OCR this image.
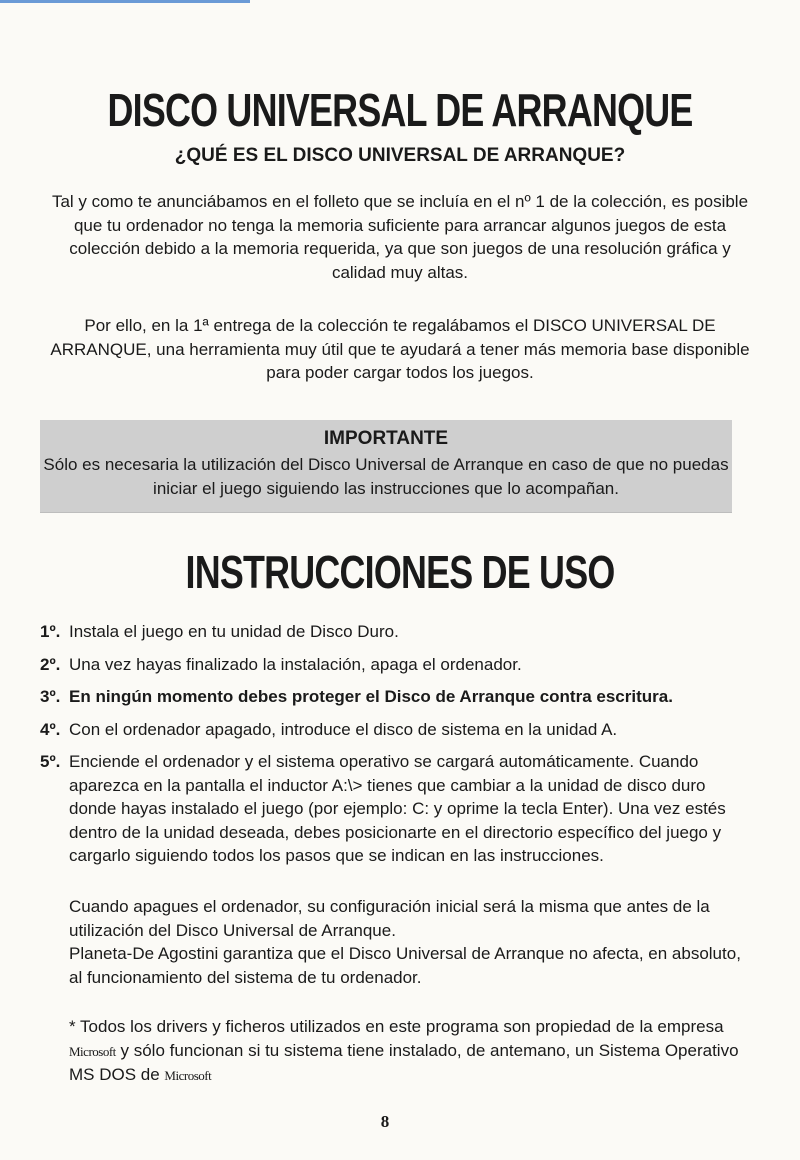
DISCO UNIVERSAL DE ARRANQUE
¿QUÉ ES EL DISCO UNIVERSAL DE ARRANQUE?

Tal y como te anunciábamos en el folleto que se incluía en el nº 1 de la colección, es posible que tu ordenador no tenga la memoria suficiente para arrancar algunos juegos de esta colección debido a la memoria requerida, ya que son juegos de una resolución gráfica y calidad muy altas.

Por ello, en la 1ª entrega de la colección te regalábamos el DISCO UNIVERSAL DE ARRANQUE, una herramienta muy útil que te ayudará a tener más memoria base disponible para poder cargar todos los juegos.

IMPORTANTE
Sólo es necesaria la utilización del Disco Universal de Arranque en caso de que no puedas iniciar el juego siguiendo las instrucciones que lo acompañan.
INSTRUCCIONES DE USO
1º. Instala el juego en tu unidad de Disco Duro.
2º. Una vez hayas finalizado la instalación, apaga el ordenador.
3º. En ningún momento debes proteger el Disco de Arranque contra escritura.
4º. Con el ordenador apagado, introduce el disco de sistema en la unidad A.
5º. Enciende el ordenador y el sistema operativo se cargará automáticamente. Cuando aparezca en la pantalla el inductor A:\> tienes que cambiar a la unidad de disco duro donde hayas instalado el juego (por ejemplo: C: y oprime la tecla Enter). Una vez estés dentro de la unidad deseada, debes posicionarte en el directorio específico del juego y cargarlo siguiendo todos los pasos que se indican en las instrucciones.
Cuando apagues el ordenador, su configuración inicial será la misma que antes de la utilización del Disco Universal de Arranque.
Planeta-De Agostini garantiza que el Disco Universal de Arranque no afecta, en absoluto, al funcionamiento del sistema de tu ordenador.
* Todos los drivers y ficheros utilizados en este programa son propiedad de la empresa Microsoft y sólo funcionan si tu sistema tiene instalado, de antemano, un Sistema Operativo MS DOS de Microsoft
8
